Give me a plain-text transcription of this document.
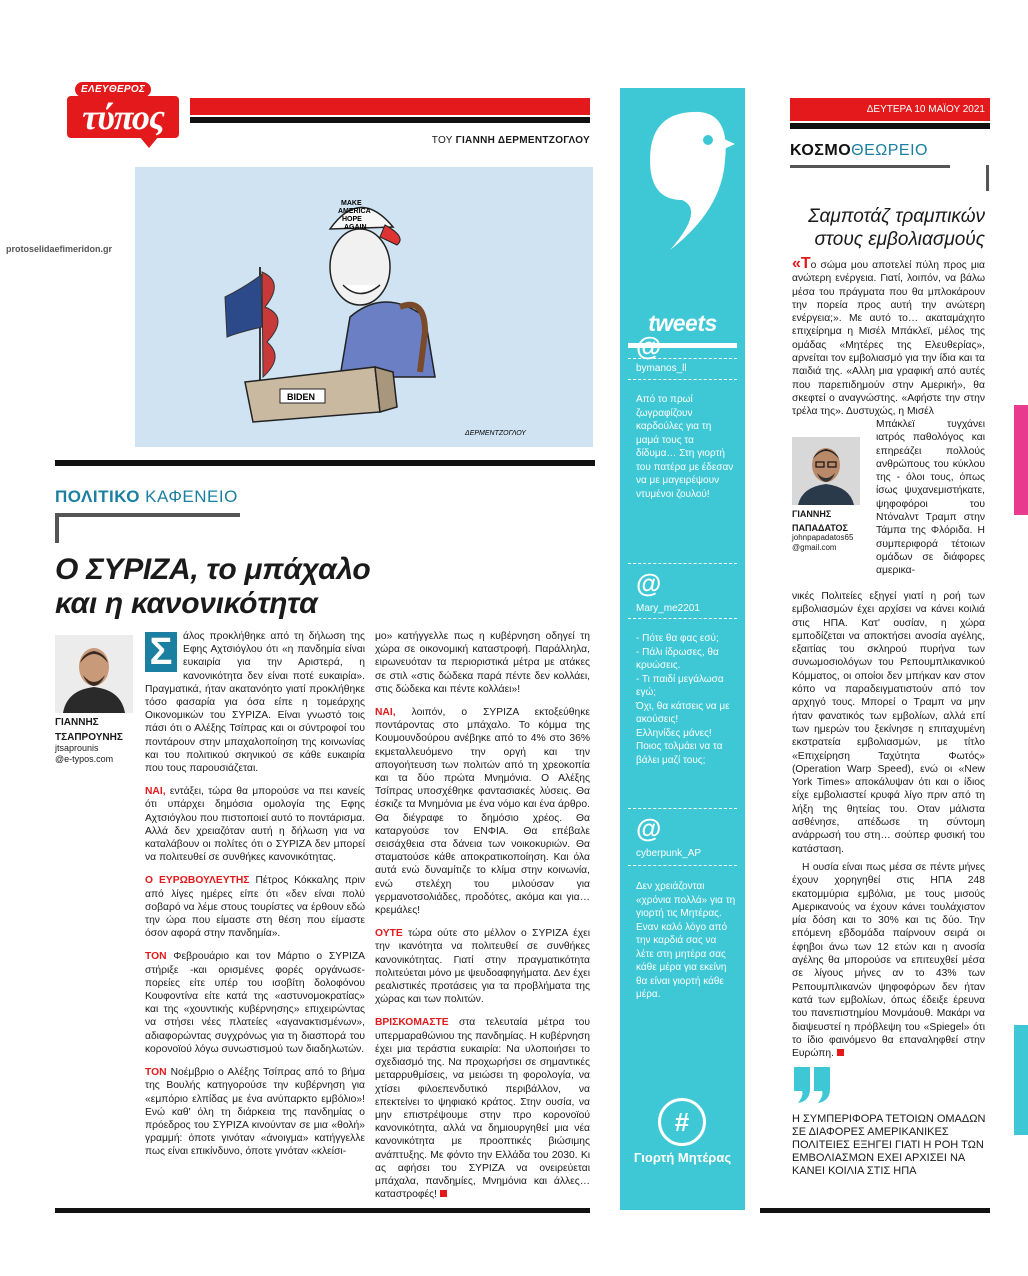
ΕΛΕΥΘΕΡΟΣ
τύπος
ΤΟΥ ΓΙΑΝΝΗ ΔΕΡΜΕΝΤΖΟΓΛΟΥ
protoselidaefimeridon.gr
MAKE
AMERICA
HOPE
AGAIN
BIDEN
ΔΕΡΜΕΝΤΖΟΓΛΟΥ
ΠΟΛΙΤΙΚΟ ΚΑΦΕΝΕΙΟ
Ο ΣΥΡΙΖΑ, το μπάχαλο
και η κανονικότητα
ΓΙΑΝΝΗΣ
ΤΣΑΠΡΟΥΝΗΣ
jtsaprounis
@e-typos.com

Σ	άλος προκλήθηκε από τη δήλωση της Εφης Αχτσιόγλου ότι «η πανδημία είναι ευκαιρία για την Αριστερά, η κανονικότητα δεν είναι ποτέ ευκαιρία». Πραγματικά, ήταν ακατανόητο γιατί προκλήθηκε τόσο φασαρία για όσα είπε η τομεάρχης Οικονομικών του ΣΥΡΙΖΑ. Είναι γνωστό τοις πάσι ότι ο Αλέξης Τσίπρας και οι σύντροφοί του ποντάρουν στην μπαχαλοποίηση της κοινωνίας και του πολιτικού σκηνικού σε κάθε ευκαιρία που τους παρουσιάζεται.

ΝΑΙ, εντάξει, τώρα θα μπορούσε να πει κανείς ότι υπάρχει δημόσια ομολογία της Εφης Αχτσιόγλου που πιστοποιεί αυτό το ποντάρισμα. Αλλά δεν χρειαζόταν αυτή η δήλωση για να καταλάβουν οι πολίτες ότι ο ΣΥΡΙΖΑ δεν μπορεί να πολιτευθεί σε συνθήκες κανονικότητας.

Ο ΕΥΡΩΒΟΥΛΕΥΤΗΣ Πέτρος Κόκκαλης πριν από λίγες ημέρες είπε ότι «δεν είναι πολύ σοβαρό να λέμε στους τουρίστες να έρθουν εδώ την ώρα που είμαστε στη θέση που είμαστε όσον αφορά στην πανδημία».

ΤΟΝ Φεβρουάριο και τον Μάρτιο ο ΣΥΡΙΖΑ στήριξε -και ορισμένες φορές οργάνωσε- πορείες είτε υπέρ του ισοβίτη δολοφόνου Κουφοντίνα είτε κατά της «αστυνομοκρατίας» και της «χουντικής κυβέρνησης» επιχειρώντας να στήσει νέες πλατείες «αγανακτισμένων», αδιαφορώντας συγχρόνως για τη διασπορά του κορονοϊού λόγω συνωστισμού των διαδηλωτών.

ΤΟΝ Νοέμβριο ο Αλέξης Τσίπρας από το βήμα της Βουλής κατηγορούσε την κυβέρνηση για «εμπόριο ελπίδας με ένα ανύπαρκτο εμβόλιο»! Ενώ καθ' όλη τη διάρκεια της πανδημίας ο πρόεδρος του ΣΥΡΙΖΑ κινούνταν σε μια «θολή» γραμμή: όποτε γινόταν «άνοιγμα» κατήγγελλε πως είναι επικίνδυνο, όποτε γινόταν «κλείσι-

μο» κατήγγελλε πως η κυβέρνηση οδηγεί τη χώρα σε οικονομική καταστροφή. Παράλληλα, ειρωνευόταν τα περιοριστικά μέτρα με ατάκες σε στιλ «στις δώδεκα παρά πέντε δεν κολλάει, στις δώδεκα και πέντε κολλάει»!

ΝΑΙ, λοιπόν, ο ΣΥΡΙΖΑ εκτοξεύθηκε ποντάροντας στο μπάχαλο. Το κόμμα της Κουμουνδούρου ανέβηκε από το 4% στο 36% εκμεταλλευόμενο την οργή και την απογοήτευση των πολιτών από τη χρεοκοπία και τα δύο πρώτα Μνημόνια. Ο Αλέξης Τσίπρας υποσχέθηκε φαντασιακές λύσεις. Θα έσκιζε τα Μνημόνια με ένα νόμο και ένα άρθρο. Θα διέγραφε το δημόσιο χρέος. Θα καταργούσε τον ΕΝΦΙΑ. Θα επέβαλε σεισάχθεια στα δάνεια των νοικοκυριών. Θα σταματούσε κάθε αποκρατικοποίηση. Και όλα αυτά ενώ δυναμίτιζε το κλίμα στην κοινωνία, ενώ στελέχη του μιλούσαν για γερμανοτσολιάδες, προδότες, ακόμα και για… κρεμάλες!

ΟΥΤΕ τώρα ούτε στο μέλλον ο ΣΥΡΙΖΑ έχει την ικανότητα να πολιτευθεί σε συνθήκες κανονικότητας. Γιατί στην πραγματικότητα πολιτεύεται μόνο με ψευδοαφηγήματα. Δεν έχει ρεαλιστικές προτάσεις για τα προβλήματα της χώρας και των πολιτών.

ΒΡΙΣΚΟΜΑΣΤΕ στα τελευταία μέτρα του υπερμαραθώνιου της πανδημίας. Η κυβέρνηση έχει μια τεράστια ευκαιρία: Να υλοποιήσει το σχεδιασμό της. Να προχωρήσει σε σημαντικές μεταρρυθμίσεις, να μειώσει τη φορολογία, να χτίσει φιλοεπενδυτικό περιβάλλον, να επεκτείνει το ψηφιακό κράτος. Στην ουσία, να μην επιστρέψουμε στην προ κορονοϊού κανονικότητα, αλλά να δημιουργηθεί μια νέα κανονικότητα με προοπτικές βιώσιμης ανάπτυξης. Με φόντο την Ελλάδα του 2030. Κι ας αφήσει του ΣΥΡΙΖΑ να ονειρεύεται μπάχαλα, πανδημίες, Μνημόνια και άλλες… καταστροφές!

tweets
@
bymanos_ll
Από το πρωί ζωγραφίζουν καρδούλες για τη μαμά τους τα δίδυμα… Στη γιορτή του πατέρα με έδεσαν να με μαγειρέψουν ντυμένοι ζουλού!
@
Mary_me2201
- Πότε θα φας εσύ;
- Πάλι ίδρωσες, θα κρυώσεις.
- Τι παιδί μεγάλωσα εγώ;
Όχι, θα κάτσεις να με ακούσεις!
Ελληνίδες μάνες!
Ποιος τολμάει να τα βάλει μαζί τους;
@
cyberpunk_AP
Δεν χρειάζονται «χρόνια πολλά» για τη γιορτή τις Μητέρας. Εναν καλό λόγο από την καρδιά σας να λέτε στη μητέρα σας κάθε μέρα για εκείνη θα είναι γιορτή κάθε μέρα.
#
Γιορτή Μητέρας
ΔΕΥΤΕΡΑ 10 ΜΑΪΟΥ 2021
ΚΟΣΜΟΘΕΩΡΕΙΟ
Σαμποτάζ τραμπικών
στους εμβολιασμούς

«Το σώμα μου αποτελεί πύλη προς μια ανώτερη ενέργεια. Γιατί, λοιπόν, να βάλω μέσα του πράγματα που θα μπλοκάρουν την πορεία προς αυτή την ανώτερη ενέργεια;». Με αυτό το… ακαταμάχητο επιχείρημα η Μισέλ Μπάκλεϊ, μέλος της ομάδας «Μητέρες της Ελευθερίας», αρνείται τον εμβολιασμό για την ίδια και τα παιδιά της. «Αλλη μια γραφική από αυτές που παρεπιδημούν στην Αμερική», θα σκεφτεί ο αναγνώστης. «Αφήστε την στην τρέλα της». Δυστυχώς, η Μισέλ

ΓΙΑΝΝΗΣ
ΠΑΠΑΔΑΤΟΣ
johnpapadatos65
@gmail.com

Μπάκλεϊ τυγχάνει ιατρός παθολόγος και επηρεάζει πολλούς ανθρώπους του κύκλου της - όλοι τους, όπως ίσως ψυχανεμιστήκατε, ψηφοφόροι του Ντόναλντ Τραμπ στην Τάμπα της Φλόριδα. Η συμπεριφορά τέτοιων ομάδων σε διάφορες αμερικα-

νικές Πολιτείες εξηγεί γιατί η ροή των εμβολιασμών έχει αρχίσει να κάνει κοιλιά στις ΗΠΑ. Κατ' ουσίαν, η χώρα εμποδίζεται να αποκτήσει ανοσία αγέλης, εξαιτίας του σκληρού πυρήνα των συνωμοσιολόγων του Ρεπουμπλικανικού Κόμματος, οι οποίοι δεν μπήκαν καν στον κόπο να παραδειγματιστούν από τον αρχηγό τους. Μπορεί ο Τραμπ να μην ήταν φανατικός των εμβολίων, αλλά επί των ημερών του ξεκίνησε η επιταχυμένη εκστρατεία εμβολιασμών, με τίτλο «Επιχείρηση Ταχύτητα Φωτός» (Operation Warp Speed), ενώ οι «New York Times» αποκάλυψαν ότι και ο ίδιος είχε εμβολιαστεί κρυφά λίγο πριν από τη λήξη της θητείας του. Οταν μάλιστα ασθένησε, απέδωσε τη σύντομη ανάρρωσή του στη… σούπερ φυσική του κατάσταση.

Η ουσία είναι πως μέσα σε πέντε μήνες έχουν χορηγηθεί στις ΗΠΑ 248 εκατομμύρια εμβόλια, με τους μισούς Αμερικανούς να έχουν κάνει τουλάχιστον μία δόση και το 30% και τις δύο. Την επόμενη εβδομάδα παίρνουν σειρά οι έφηβοι άνω των 12 ετών και η ανοσία αγέλης θα μπορούσε να επιτευχθεί μέσα σε λίγους μήνες αν το 43% των Ρεπουμπλικανών ψηφοφόρων δεν ήταν κατά των εμβολίων, όπως έδειξε έρευνα του πανεπιστημίου Μονμάουθ. Μακάρι να διαψευστεί η πρόβλεψη του «Spiegel» ότι το ίδιο φαινόμενο θα επαναληφθεί στην Ευρώπη.

Η ΣΥΜΠΕΡΙΦΟΡΑ ΤΕΤΟΙΩΝ ΟΜΑΔΩΝ ΣΕ ΔΙΑΦΟΡΕΣ ΑΜΕΡΙΚΑΝΙΚΕΣ ΠΟΛΙΤΕΙΕΣ ΕΞΗΓΕΙ ΓΙΑΤΙ Η ΡΟΗ ΤΩΝ ΕΜΒΟΛΙΑΣΜΩΝ ΕΧΕΙ ΑΡΧΙΣΕΙ ΝΑ ΚΑΝΕΙ ΚΟΙΛΙΑ ΣΤΙΣ ΗΠΑ
